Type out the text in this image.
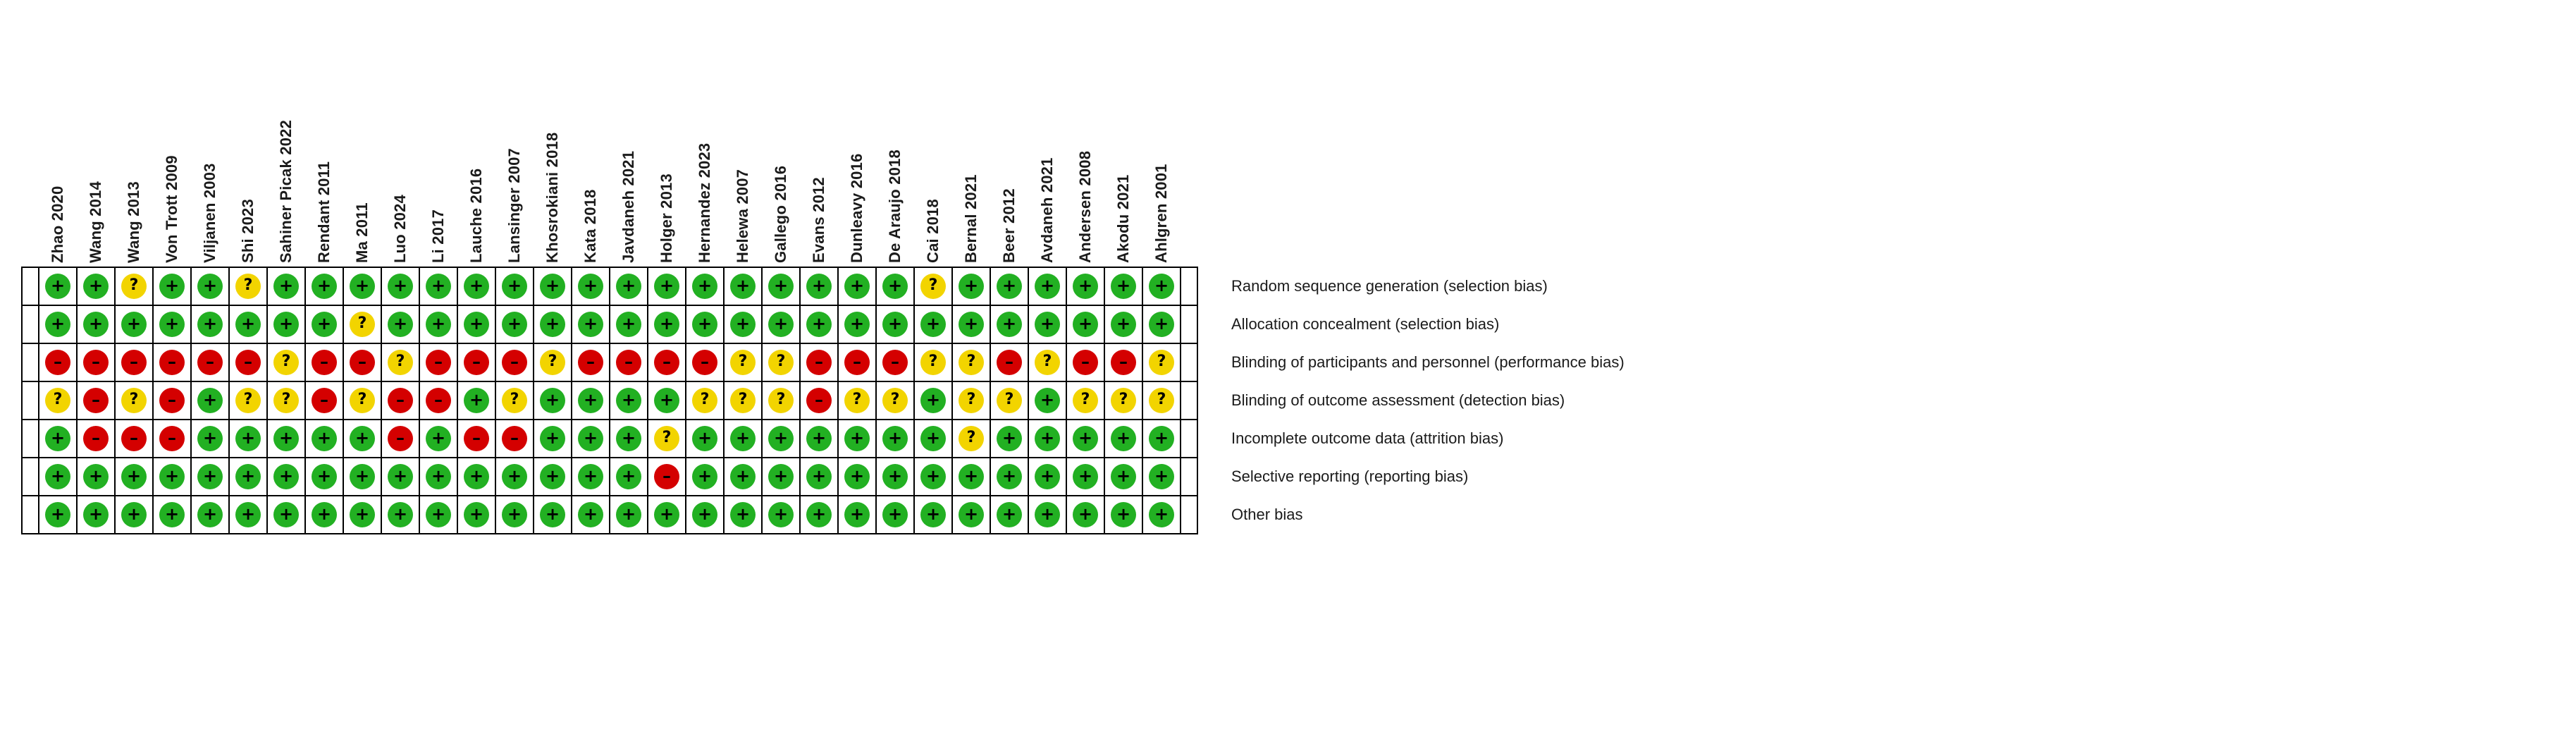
	Zhao 2020	Wang 2014	Wang 2013	Von Trott 2009	Viljanen 2003	Shi 2023	Sahiner Picak 2022	Rendant 2011	Ma 2011	Luo 2024	Li 2017	Lauche 2016	Lansinger 2007	Khosrokiani 2018	Kata 2018	Javdaneh 2021	Holger 2013	Hernandez 2023	Helewa 2007	Gallego 2016	Evans 2012	Dunleavy 2016	De Araujo 2018	Cai 2018	Bernal 2021	Beer 2012	Avdaneh 2021	Andersen 2008	Akodu 2021	Ahlgren 2001			
	+	+	?	+	+	?	+	+	+	+	+	+	+	+	+	+	+	+	+	+	+	+	+	?	+	+	+	+	+	+			Random sequence generation (selection bias)
	+	+	+	+	+	+	+	+	?	+	+	+	+	+	+	+	+	+	+	+	+	+	+	+	+	+	+	+	+	+			Allocation concealment (selection bias)
	–	–	–	–	–	–	?	–	–	?	–	–	–	?	–	–	–	–	?	?	–	–	–	?	?	–	?	–	–	?			Blinding of participants and personnel (performance bias)
	?	–	?	–	+	?	?	–	?	–	–	+	?	+	+	+	+	?	?	?	–	?	?	+	?	?	+	?	?	?			Blinding of outcome assessment (detection bias)
	+	–	–	–	+	+	+	+	+	–	+	–	–	+	+	+	?	+	+	+	+	+	+	+	?	+	+	+	+	+			Incomplete outcome data (attrition bias)
	+	+	+	+	+	+	+	+	+	+	+	+	+	+	+	+	–	+	+	+	+	+	+	+	+	+	+	+	+	+			Selective reporting (reporting bias)
	+	+	+	+	+	+	+	+	+	+	+	+	+	+	+	+	+	+	+	+	+	+	+	+	+	+	+	+	+	+			Other bias
